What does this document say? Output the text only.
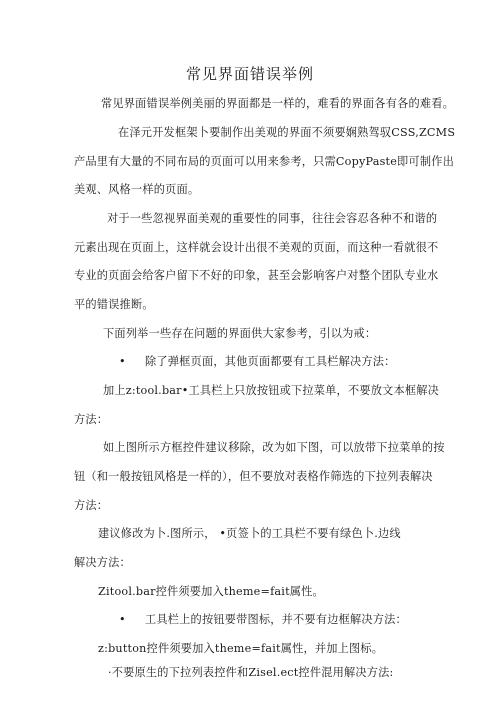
常见界面错误举例
常见界面错误举例美丽的界面都是一样的，难看的界面各有各的难看。
在泽元开发框架卜要制作出美观的界面不须要娴熟驾驭CSS,ZCMS
产品里有大量的不同布局的页面可以用来参考，只需CopyPaste即可制作出
美观、风格一样的页面。
对于一些忽视界面美观的重要性的同事，往往会容忍各种不和谐的
元素出现在页面上，这样就会设计出很不美观的页面，而这种一看就很不
专业的页面会给客户留下不好的印象，甚至会影响客户对整个团队专业水
平的错误推断。
下面列举一些存在问题的界面供大家参考，引以为戒：
• 除了弹框页面，其他页面都要有工具栏解决方法：
加上z:tool.bar•工具栏上只放按钮或下拉菜单，不要放文本框解决
方法：
如上图所示方框控件建议移除，改为如下图，可以放带下拉菜单的按
钮（和一般按钮风格是一样的），但不要放对表格作筛选的下拉列表解决
方法：
建议修改为卜.图所示， •页签卜的工具栏不要有绿色卜.边线
解决方法：
Zitool.bar控件须要加入theme=fait属性。
• 工具栏上的按钮要带图标，并不要有边框解决方法：
z:button控件须要加入theme=fait属性，并加上图标。
·不要原生的下拉列表控件和Zisel.ect控件混用解决方法:
